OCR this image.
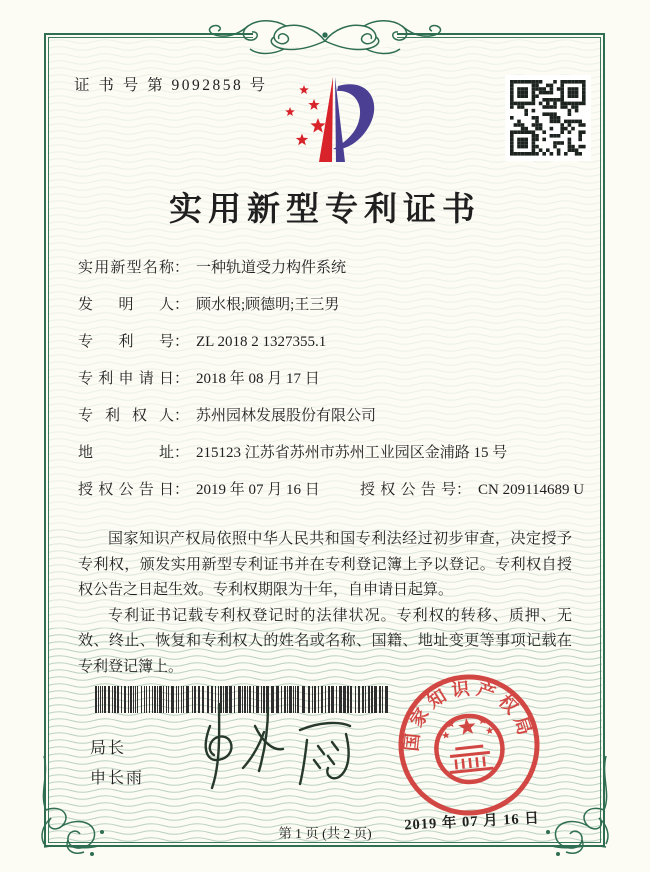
证 书 号 第 9092858 号
实用新型专利证书
实用新型名称 ： 一种轨道受力构件系统
发明人 ： 顾水根;顾德明;王三男
专利号 ： ZL 2018 2 1327355.1
专利申请日 ： 2018 年 08 月 17 日
专利权人 ： 苏州园林发展股份有限公司
地址 ： 215123 江苏省苏州市苏州工业园区金浦路 15 号
授权公告日 ： 2019 年 07 月 16 日	授权公告号 ： CN 209114689 U

国家知识产权局依照中华人民共和国专利法经过初步审查，决定授予专利权，颁发实用新型专利证书并在专利登记簿上予以登记。专利权自授权公告之日起生效。专利权期限为十年，自申请日起算。

专利证书记载专利权登记时的法律状况。专利权的转移、质押、无效、终止、恢复和专利权人的姓名或名称、国籍、地址变更等事项记载在专利登记簿上。

局长
申长雨
国家知识产权局
2019 年 07 月 16 日
第 1 页 (共 2 页)
